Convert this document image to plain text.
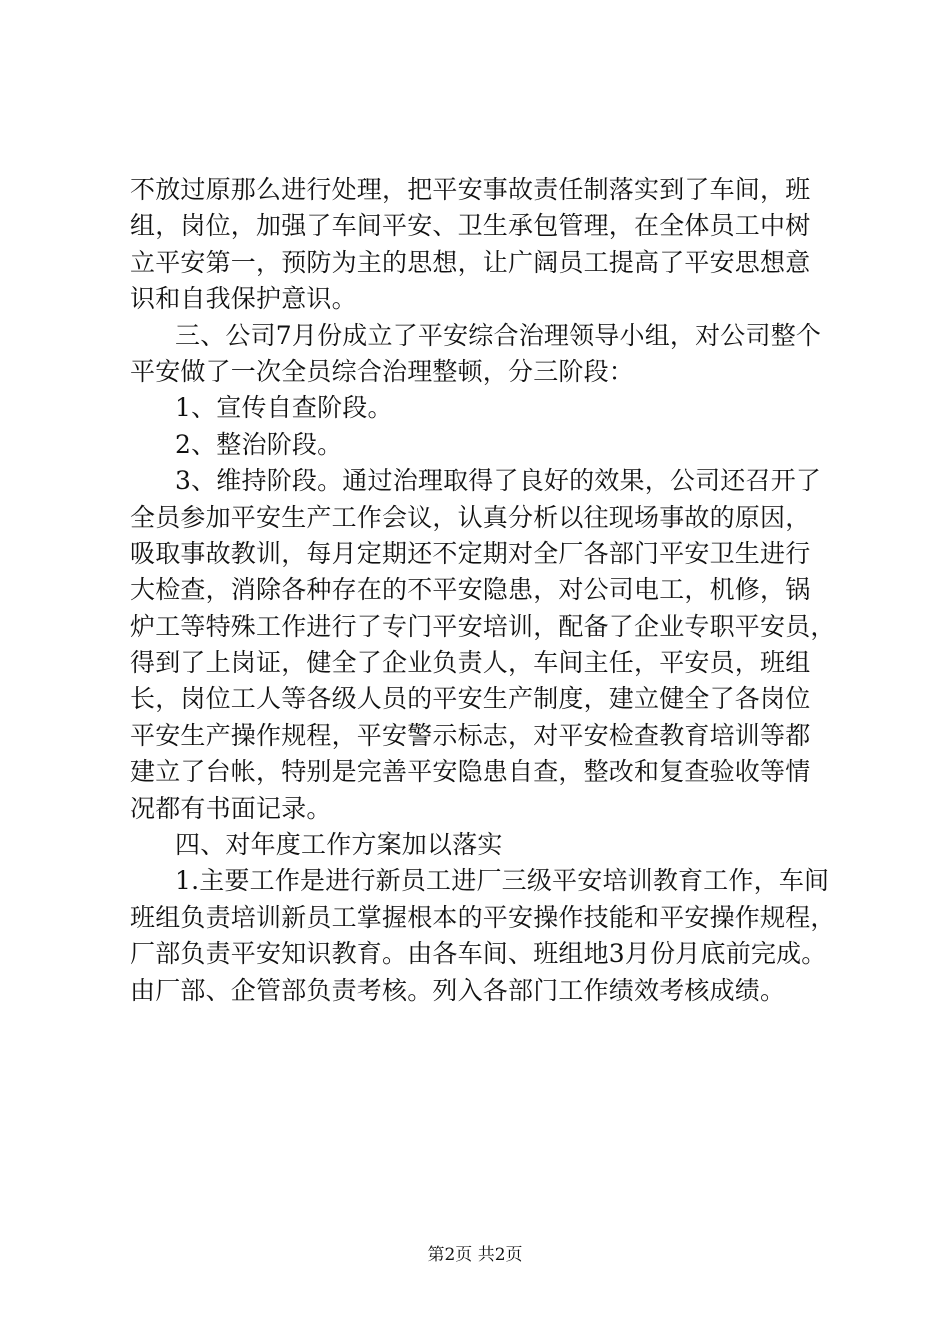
不放过原那么进行处理，把平安事故责任制落实到了车间，班
组，岗位，加强了车间平安、卫生承包管理，在全体员工中树
立平安第一，预防为主的思想，让广阔员工提高了平安思想意
识和自我保护意识。
三、公司7月份成立了平安综合治理领导小组，对公司整个
平安做了一次全员综合治理整顿，分三阶段：
1、宣传自查阶段。
2、整治阶段。
3、维持阶段。通过治理取得了良好的效果，公司还召开了
全员参加平安生产工作会议，认真分析以往现场事故的原因，
吸取事故教训，每月定期还不定期对全厂各部门平安卫生进行
大检查，消除各种存在的不平安隐患，对公司电工，机修，锅
炉工等特殊工作进行了专门平安培训，配备了企业专职平安员，
得到了上岗证，健全了企业负责人，车间主任，平安员，班组
长，岗位工人等各级人员的平安生产制度，建立健全了各岗位
平安生产操作规程，平安警示标志，对平安检查教育培训等都
建立了台帐，特别是完善平安隐患自查，整改和复查验收等情
况都有书面记录。
四、对年度工作方案加以落实
1.主要工作是进行新员工进厂三级平安培训教育工作，车间
班组负责培训新员工掌握根本的平安操作技能和平安操作规程，
厂部负责平安知识教育。由各车间、班组地3月份月底前完成。
由厂部、企管部负责考核。列入各部门工作绩效考核成绩。
第2页 共2页
